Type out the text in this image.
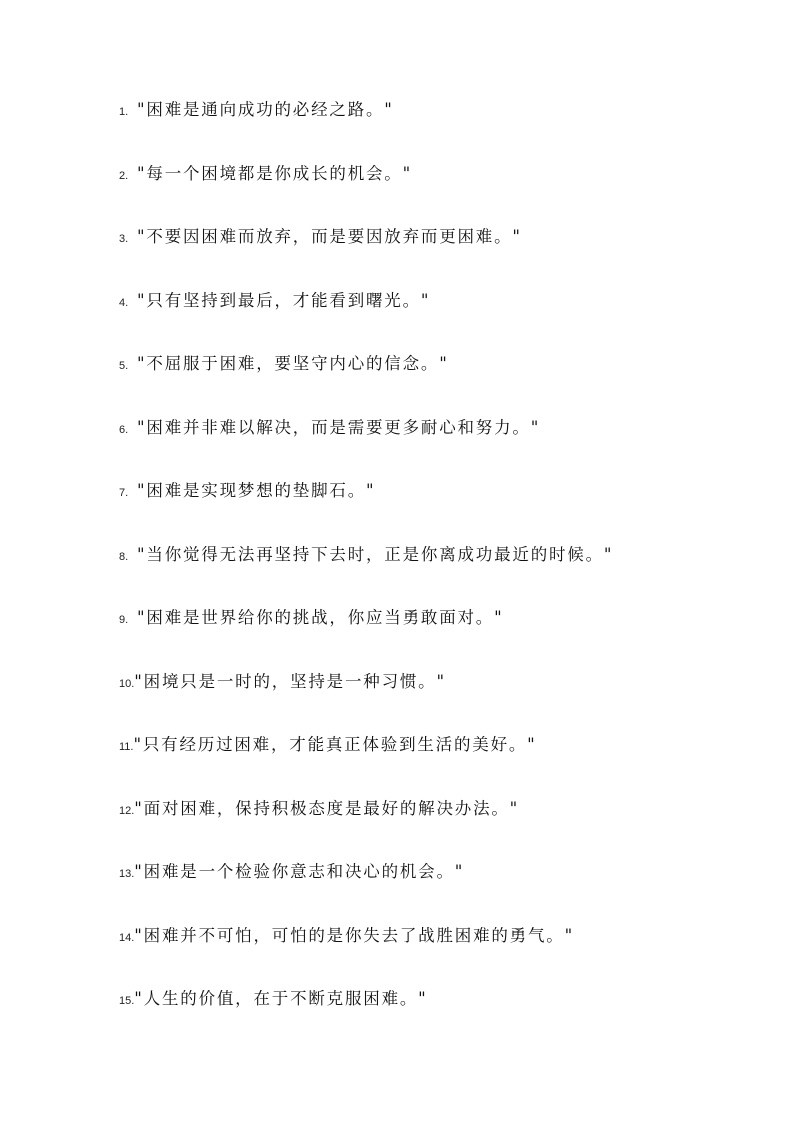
1. "困难是通向成功的必经之路。"
2. "每一个困境都是你成长的机会。"
3. "不要因困难而放弃，而是要因放弃而更困难。"
4. "只有坚持到最后，才能看到曙光。"
5. "不屈服于困难，要坚守内心的信念。"
6. "困难并非难以解决，而是需要更多耐心和努力。"
7. "困难是实现梦想的垫脚石。"
8. "当你觉得无法再坚持下去时，正是你离成功最近的时候。"
9. "困难是世界给你的挑战，你应当勇敢面对。"
10. "困境只是一时的，坚持是一种习惯。"
11. "只有经历过困难，才能真正体验到生活的美好。"
12. "面对困难，保持积极态度是最好的解决办法。"
13. "困难是一个检验你意志和决心的机会。"
14. "困难并不可怕，可怕的是你失去了战胜困难的勇气。"
15. "人生的价值，在于不断克服困难。"
